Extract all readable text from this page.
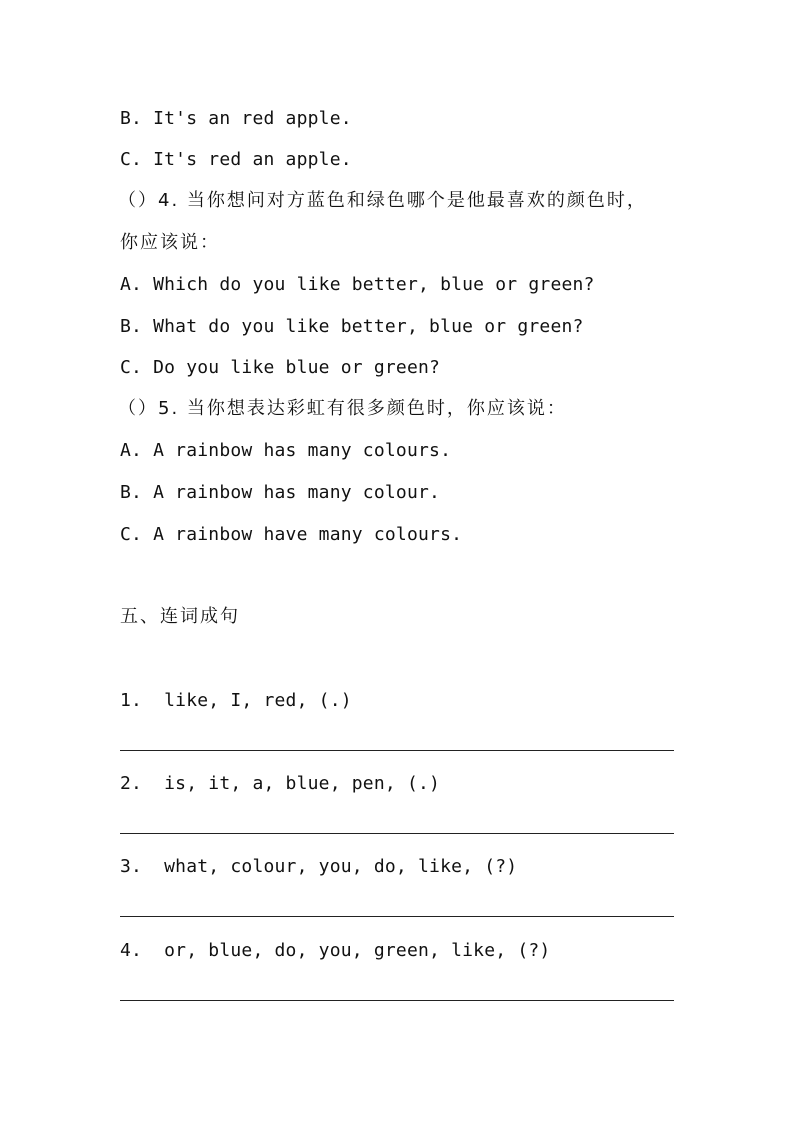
B. It's an red apple.
C. It's red an apple.
（）4. 当你想问对方蓝色和绿色哪个是他最喜欢的颜色时，
你应该说：
A. Which do you like better, blue or green?
B. What do you like better, blue or green?
C. Do you like blue or green?
（）5. 当你想表达彩虹有很多颜色时，你应该说：
A. A rainbow has many colours.
B. A rainbow has many colour.
C. A rainbow have many colours.
五、连词成句
1.  like, I, red, (.)
2.  is, it, a, blue, pen, (.)
3.  what, colour, you, do, like, (?)
4.  or, blue, do, you, green, like, (?)
